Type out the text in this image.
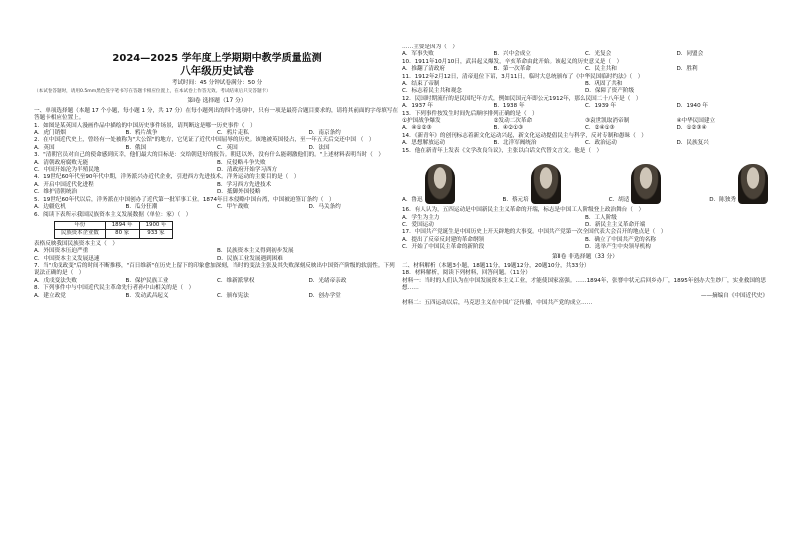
2024—2025 学年度上学期期中教学质量监测
八年级历史试卷
考试时间：45 分钟试卷满分：50 分
（本试卷答题时，请用0.5mm黑色签字笔书写在答题卡相应位置上，在本试卷上作答无效。考试结束后只交答题卡）
第Ⅰ卷 选择题（17 分）

一、单项选择题（本题 17 个小题，每小题 1 分，共 17 分）在每小题列出的四个选项中，只有一项是最符合题目要求的，请将其前面的字母填写在答题卡相应位置上。

1．如图是某英国人漫画作品中描绘的中国历史事件场景，请判断这是哪一历史事件（　）

A．虎门销烟	B．鸦片战争	C．鸦片走私	D．南京条约

2．在中国近代史上，曾经有一处被称为"大公馆"的地方，它见证了近代中国屈辱的历史。该地被英国侵占，至一年五天后交还中国 （　）

A．英国	B．俄国	C．英国	D．法国

3．"清朝官员对自己的使命感到庆幸，他们最大的目标是：交给朝廷好的报告。朝廷以外，没有什么能刺激他们的。"上述材料表明当时（　）

A．清朝政府腐败无能	B．反侵略斗争失败
C．中国开始沦为半殖民地	D．清政府开始学习西方

4．19世纪60年代至90年代中期，洋务派兴办近代企业，引进西方先进技术。洋务运动的主要目的是（　）

A．开启中国近代化进程	B．学习西方先进技术
C．维护清朝统治	D．抵御外国侵略

5．19世纪60年代以后，洋务派在中国创办了近代第一批军事工业。1874年日本侵略中国台湾，中国被迫签订条约（　）

A．边疆危机	B．瓜分狂潮	C．甲午战败	D．马关条约

6．阅读下表所示我国民族资本主义发展数据（单位：家）（　）

年份	1894 年	1900 年
民族资本企业数	80 家	933 家

表格反映我国民族资本主义（　）

A．外国资本压迫严重	B．民族资本主义得到初步发展
C．中国资本主义发展迅速	D．民族工业发展遇到困难

7．当"戊戌政变"后的时间不断推移，"百日维新"在历史上留下的印象愈加深刻，当时的变法主张及其失败深刻反映出中国资产阶级的软弱性。下列说法正确的是（　）

A．戊戌变法失败	B．保护民族工业	C．维新派掌权	D．光绪帝亲政

8．下列事件中与中国近代民主革命先行者孙中山相关的是（　）

A．建立政党	B．发动武昌起义	C．颁布宪法	D．创办学堂

……主要是因为（　）

A．军事失败	B．兴中会成立	C．光复会	D．同盟会

10．1911年10月10日，武昌起义爆发，辛亥革命由此开始。该起义的历史意义是（　）

A．推翻了清政府	B．第一次革命	C．民主共和	D．胜利

11．1912年2月12日，清帝退位下诏，3月11日，临时大总统颁布了《中华民国临时约法》（　）

A．结束了帝制	B．巩固了共和
C．标志着民主共和观念	D．保障了资产阶级

12．民国时期流行的是民国纪年方式，例如民国元年即公元1912年，那么民国二十八年是（　）

A．1937 年	B．1938 年	C．1939 年	D．1940 年

13．下列事件按发生时间先后顺序排列正确的是（　）

①护国战争爆发	②发动二次革命	③袁世凯取消帝制	④中华民国建立
A．④①②③	B．④②①③	C．②④①③	D．①②③④

14．《新青年》的创刊标志着新文化运动兴起，新文化运动提倡民主与科学，反对专制和愚昧（　）

A．思想解放运动	B．北洋军阀统治	C．政治运动	D．民族复兴

15．他在新青年上发表《文学改良刍议》，主张以白话文代替文言文。他是（　）

A．鲁迅	B．蔡元培	C．胡适	D．陈独秀

16．有人认为，五四运动是中国新民主主义革命的开端，标志是中国工人阶级登上政治舞台（　）

A．学生为主力	B．工人阶级
C．爱国运动	D．新民主主义革命开端

17．中国共产党诞生是中国历史上开天辟地的大事变。中国共产党第一次全国代表大会召开的地点是（　）

A．提出了反帝反封建的革命纲领	B．确立了中国共产党的名称
C．开始了中国民主革命的新阶段	D．选举产生中央领导机构
第Ⅱ卷 非选择题（33 分）

二、材料解析（本题3小题，18题11分，19题12分，20题10分，共33分）

18．材料解析，阅读下列材料，回答问题。（11分）

材料一：当时的人们认为在中国发展资本主义工业，才能使国家富强。……1894年，张謇中状元后回乡办厂，1895年创办大生纱厂，实业救国的思想……

——摘编自《中国近代史》

材料二：五四运动以后，马克思主义在中国广泛传播，中国共产党的成立……
